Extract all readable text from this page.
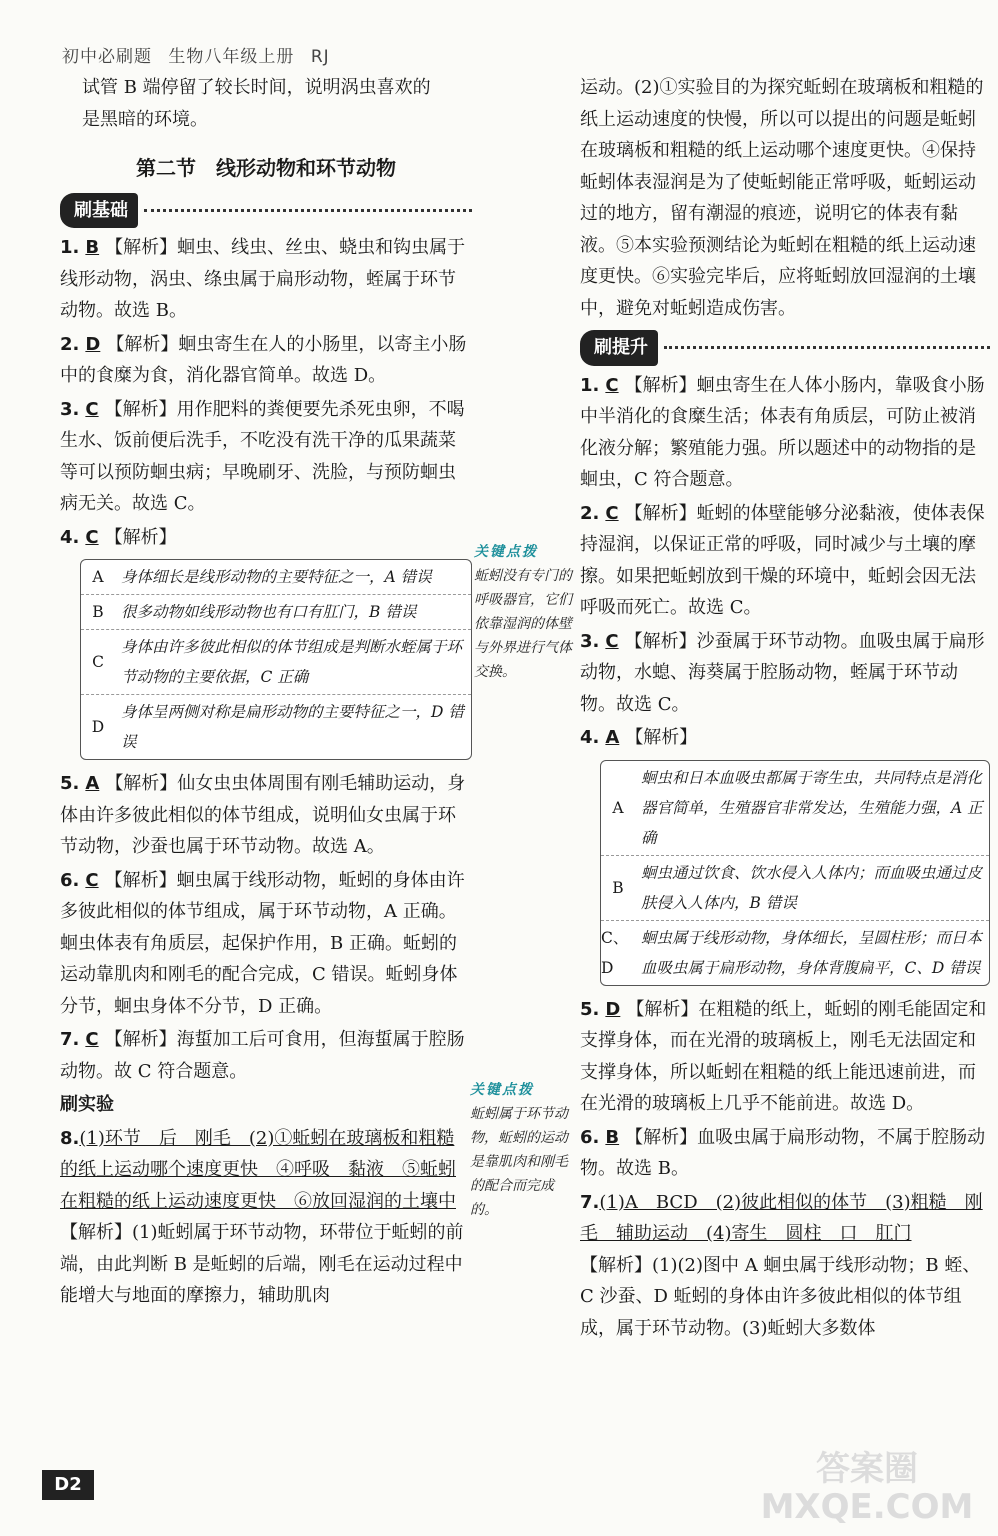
初中必刷题 生物八年级上册 RJ

试管 B 端停留了较长时间，说明涡虫喜欢的

是黑暗的环境。

第二节　线形动物和环节动物
刷基础

1. B 【解析】蛔虫、线虫、丝虫、蛲虫和钩虫属于线形动物，涡虫、绦虫属于扁形动物，蛭属于环节动物。故选 B。

2. D 【解析】蛔虫寄生在人的小肠里，以寄主小肠中的食糜为食，消化器官简单。故选 D。

3. C 【解析】用作肥料的粪便要先杀死虫卵，不喝生水、饭前便后洗手，不吃没有洗干净的瓜果蔬菜等可以预防蛔虫病；早晚刷牙、洗脸，与预防蛔虫病无关。故选 C。

4. C 【解析】

A	身体细长是线形动物的主要特征之一，A 错误
B	很多动物如线形动物也有口有肛门，B 错误
C
身体由许多彼此相似的体节组成是判断水蛭属于环节动物的主要依据，C 正确
D
身体呈两侧对称是扁形动物的主要特征之一，D 错误

5. A 【解析】仙女虫虫体周围有刚毛辅助运动，身体由许多彼此相似的体节组成，说明仙女虫属于环节动物，沙蚕也属于环节动物。故选 A。

6. C 【解析】蛔虫属于线形动物，蚯蚓的身体由许多彼此相似的体节组成，属于环节动物，A 正确。蛔虫体表有角质层，起保护作用，B 正确。蚯蚓的运动靠肌肉和刚毛的配合完成，C 错误。蚯蚓身体分节，蛔虫身体不分节，D 正确。

7. C 【解析】海蜇加工后可食用，但海蜇属于腔肠动物。故 C 符合题意。

刷实验

8.(1)环节　后　刚毛　(2)①蚯蚓在玻璃板和粗糙的纸上运动哪个速度更快　④呼吸　黏液　⑤蚯蚓在粗糙的纸上运动速度更快　⑥放回湿润的土壤中

【解析】(1)蚯蚓属于环节动物，环带位于蚯蚓的前端，由此判断 B 是蚯蚓的后端，刚毛在运动过程中能增大与地面的摩擦力，辅助肌肉

关键点拨
蚯蚓没有专门的呼吸器官，它们依靠湿润的体壁与外界进行气体交换。
关键点拨
蚯蚓属于环节动物，蚯蚓的运动是靠肌肉和刚毛的配合而完成的。

运动。(2)①实验目的为探究蚯蚓在玻璃板和粗糙的纸上运动速度的快慢，所以可以提出的问题是蚯蚓在玻璃板和粗糙的纸上运动哪个速度更快。④保持蚯蚓体表湿润是为了使蚯蚓能正常呼吸，蚯蚓运动过的地方，留有潮湿的痕迹，说明它的体表有黏液。⑤本实验预测结论为蚯蚓在粗糙的纸上运动速度更快。⑥实验完毕后，应将蚯蚓放回湿润的土壤中，避免对蚯蚓造成伤害。

刷提升

1. C 【解析】蛔虫寄生在人体小肠内，靠吸食小肠中半消化的食糜生活；体表有角质层，可防止被消化液分解；繁殖能力强。所以题述中的动物指的是蛔虫，C 符合题意。

2. C 【解析】蚯蚓的体壁能够分泌黏液，使体表保持湿润，以保证正常的呼吸，同时减少与土壤的摩擦。如果把蚯蚓放到干燥的环境中，蚯蚓会因无法呼吸而死亡。故选 C。

3. C 【解析】沙蚕属于环节动物。血吸虫属于扁形动物，水螅、海葵属于腔肠动物，蛭属于环节动物。故选 C。

4. A 【解析】

A
蛔虫和日本血吸虫都属于寄生虫，共同特点是消化器官简单，生殖器官非常发达，生殖能力强，A 正确
B
蛔虫通过饮食、饮水侵入人体内；而血吸虫通过皮肤侵入人体内，B 错误
C、D
蛔虫属于线形动物，身体细长，呈圆柱形；而日本血吸虫属于扁形动物，身体背腹扁平，C、D 错误

5. D 【解析】在粗糙的纸上，蚯蚓的刚毛能固定和支撑身体，而在光滑的玻璃板上，刚毛无法固定和支撑身体，所以蚯蚓在粗糙的纸上能迅速前进，而在光滑的玻璃板上几乎不能前进。故选 D。

6. B 【解析】血吸虫属于扁形动物，不属于腔肠动物。故选 B。

7.(1)A　BCD　(2)彼此相似的体节　(3)粗糙　刚毛　辅助运动　(4)寄生　圆柱　口　肛门

【解析】(1)(2)图中 A 蛔虫属于线形动物；B 蛭、C 沙蚕、D 蚯蚓的身体由许多彼此相似的体节组成，属于环节动物。(3)蚯蚓大多数体

D2	答案圈 MXQE.COM
